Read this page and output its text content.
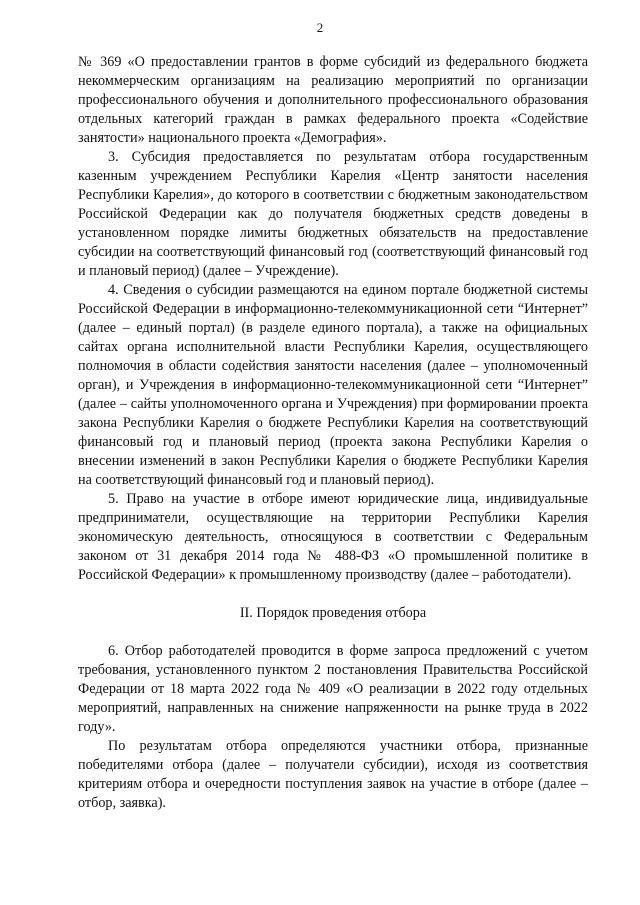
2

№ 369 «О предоставлении грантов в форме субсидий из федерального бюджета некоммерческим организациям на реализацию мероприятий по организации профессионального обучения и дополнительного профессионального образования отдельных категорий граждан в рамках федерального проекта «Содействие занятости» национального проекта «Демография».

3. Субсидия предоставляется по результатам отбора государственным казенным учреждением Республики Карелия «Центр занятости населения Республики Карелия», до которого в соответствии с бюджетным законодательством Российской Федерации как до получателя бюджетных средств доведены в установленном порядке лимиты бюджетных обязательств на предоставление субсидии на соответствующий финансовый год (соответствующий финансовый год и плановый период) (далее – Учреждение).

4. Сведения о субсидии размещаются на едином портале бюджетной системы Российской Федерации в информационно-телекоммуникационной сети “Интернет” (далее – единый портал) (в разделе единого портала), а также на официальных сайтах органа исполнительной власти Республики Карелия, осуществляющего полномочия в области содействия занятости населения (далее – уполномоченный орган), и Учреждения в информационно-телекоммуникационной сети “Интернет” (далее – сайты уполномоченного органа и Учреждения) при формировании проекта закона Республики Карелия о бюджете Республики Карелия на соответствующий финансовый год и плановый период (проекта закона Республики Карелия о внесении изменений в закон Республики Карелия о бюджете Республики Карелия на соответствующий финансовый год и плановый период).

5. Право на участие в отборе имеют юридические лица, индивидуальные предприниматели, осуществляющие на территории Республики Карелия экономическую деятельность, относящуюся в соответствии с Федеральным законом от 31 декабря 2014 года № 488-ФЗ «О промышленной политике в Российской Федерации» к промышленному производству (далее – работодатели).

II. Порядок проведения отбора

6. Отбор работодателей проводится в форме запроса предложений с учетом требования, установленного пунктом 2 постановления Правительства Российской Федерации от 18 марта 2022 года № 409 «О реализации в 2022 году отдельных мероприятий, направленных на снижение напряженности на рынке труда в 2022 году».

По результатам отбора определяются участники отбора, признанные победителями отбора (далее – получатели субсидии), исходя из соответствия критериям отбора и очередности поступления заявок на участие в отборе (далее – отбор, заявка).
